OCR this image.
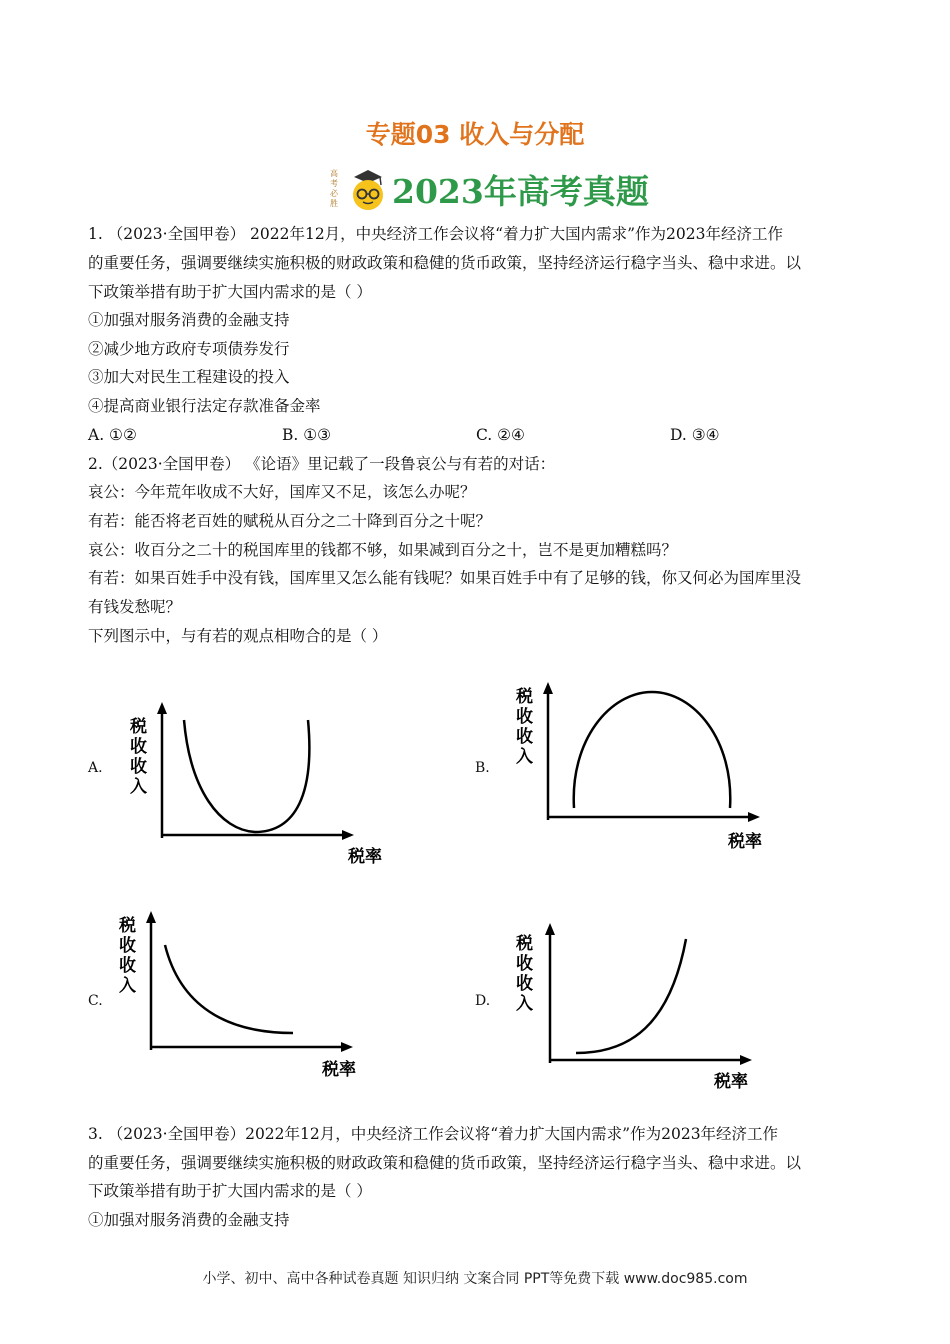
专题03 收入与分配
高考必胜 2023年高考真题
1. （2023·全国甲卷） 2022年12月，中央经济工作会议将“着力扩大国内需求”作为2023年经济工作
的重要任务，强调要继续实施积极的财政政策和稳健的货币政策，坚持经济运行稳字当头、稳中求进。以
下政策举措有助于扩大国内需求的是（ ）
①加强对服务消费的金融支持
②减少地方政府专项债券发行
③加大对民生工程建设的投入
④提高商业银行法定存款准备金率
A. ①②	B. ①③	C. ②④	D. ③④
2.（2023·全国甲卷） 《论语》里记载了一段鲁哀公与有若的对话：
哀公：今年荒年收成不大好，国库又不足，该怎么办呢？
有若：能否将老百姓的赋税从百分之二十降到百分之十呢？
哀公：收百分之二十的税国库里的钱都不够，如果减到百分之十，岂不是更加糟糕吗？
有若：如果百姓手中没有钱，国库里又怎么能有钱呢？如果百姓手中有了足够的钱，你又何必为国库里没
有钱发愁呢？
下列图示中，与有若的观点相吻合的是（ ）
A.
税
收
收
入
税率
B.
税
收
收
入
税率
C.
税
收
收
入
税率
D.
税
收
收
入
税率
3. （2023·全国甲卷）2022年12月，中央经济工作会议将“着力扩大国内需求”作为2023年经济工作
的重要任务，强调要继续实施积极的财政政策和稳健的货币政策，坚持经济运行稳字当头、稳中求进。以
下政策举措有助于扩大国内需求的是（ ）
①加强对服务消费的金融支持
小学、初中、高中各种试卷真题 知识归纳 文案合同 PPT等免费下载 www.doc985.com
